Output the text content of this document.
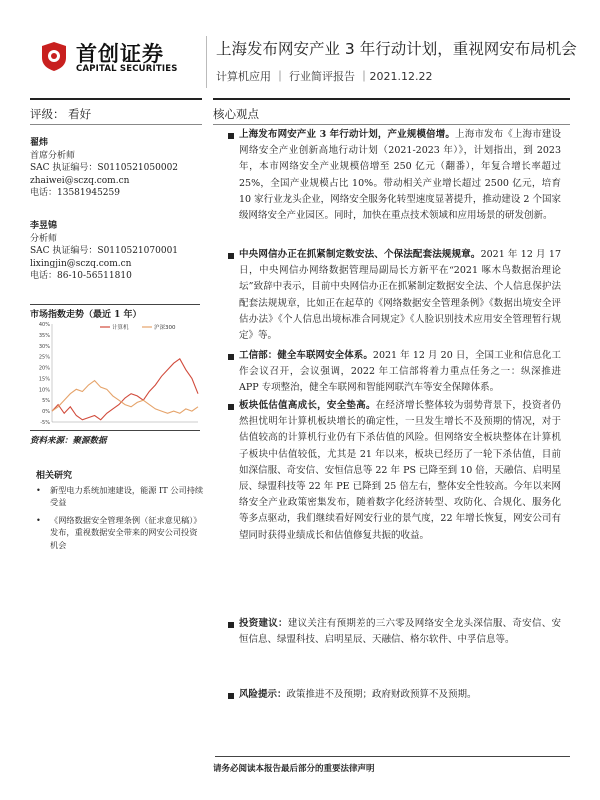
首创证券
CAPITAL SECURITIES
上海发布网安产业 3 年行动计划，重视网安布局机会
计算机应用 ｜ 行业简评报告 ｜2021.12.22
评级： 看好	核心观点
翟炜
首席分析师
SAC 执证编号：S0110521050002
zhaiwei@sczq.com.cn
电话：13581945259
李昱锦
分析师
SAC 执证编号：S0110521070001
lixingjin@sczq.com.cn
电话：86-10-56511810
市场指数走势（最近 1 年）
40%
35%
30%
25%
20%
15%
10%
5%
0%
-5%
计算机	沪深300
资料来源：聚源数据
相关研究
•	新型电力系统加速建设，能源 IT 公司持续受益
•	《网络数据安全管理条例（征求意见稿）》发布，重视数据安全带来的网安公司投资机会
上海发布网安产业 3 年行动计划，产业规模倍增。上海市发布《上海市建设网络安全产业创新高地行动计划（2021-2023 年）》，计划指出，到 2023 年，本市网络安全产业规模倍增至 250 亿元（翻番），年复合增长率超过 25%，全国产业规模占比 10%。带动相关产业增长超过 2500 亿元，培育 10 家行业龙头企业，网络安全服务化转型速度显著提升，推动建设 2 个国家级网络安全产业园区。同时，加快在重点技术领域和应用场景的研发创新。
中央网信办正在抓紧制定数安法、个保法配套法规规章。2021 年 12 月 17 日，中央网信办网络数据管理局副局长方新平在“2021 啄木鸟数据治理论坛”致辞中表示，目前中央网信办正在抓紧制定数据安全法、个人信息保护法配套法规规章，比如正在起草的《网络数据安全管理条例》《数据出境安全评估办法》《个人信息出境标准合同规定》《人脸识别技术应用安全管理暂行规定》等。
工信部：健全车联网安全体系。2021 年 12 月 20 日，全国工业和信息化工作会议召开，会议强调，2022 年工信部将着力重点任务之一：纵深推进 APP 专项整治，健全车联网和智能网联汽车等安全保障体系。
板块低估值高成长，安全垫高。在经济增长整体较为弱势背景下，投资者仍然担忧明年计算机板块增长的确定性，一旦发生增长不及预期的情况，对于估值较高的计算机行业仍有下杀估值的风险。但网络安全板块整体在计算机子板块中估值较低，尤其是 21 年以来，板块已经历了一轮下杀估值，目前如深信服、奇安信、安恒信息等 22 年 PS 已降至到 10 倍，天融信、启明星辰、绿盟科技等 22 年 PE 已降到 25 倍左右，整体安全性较高。今年以来网络安全产业政策密集发布，随着数字化经济转型、攻防化、合规化、服务化等多点驱动，我们继续看好网安行业的景气度，22 年增长恢复，网安公司有望同时获得业绩成长和估值修复共振的收益。
投资建议：建议关注有预期差的三六零及网络安全龙头深信服、奇安信、安恒信息、绿盟科技、启明星辰、天融信、格尔软件、中孚信息等。
风险提示：政策推进不及预期；政府财政预算不及预期。
请务必阅读本报告最后部分的重要法律声明
